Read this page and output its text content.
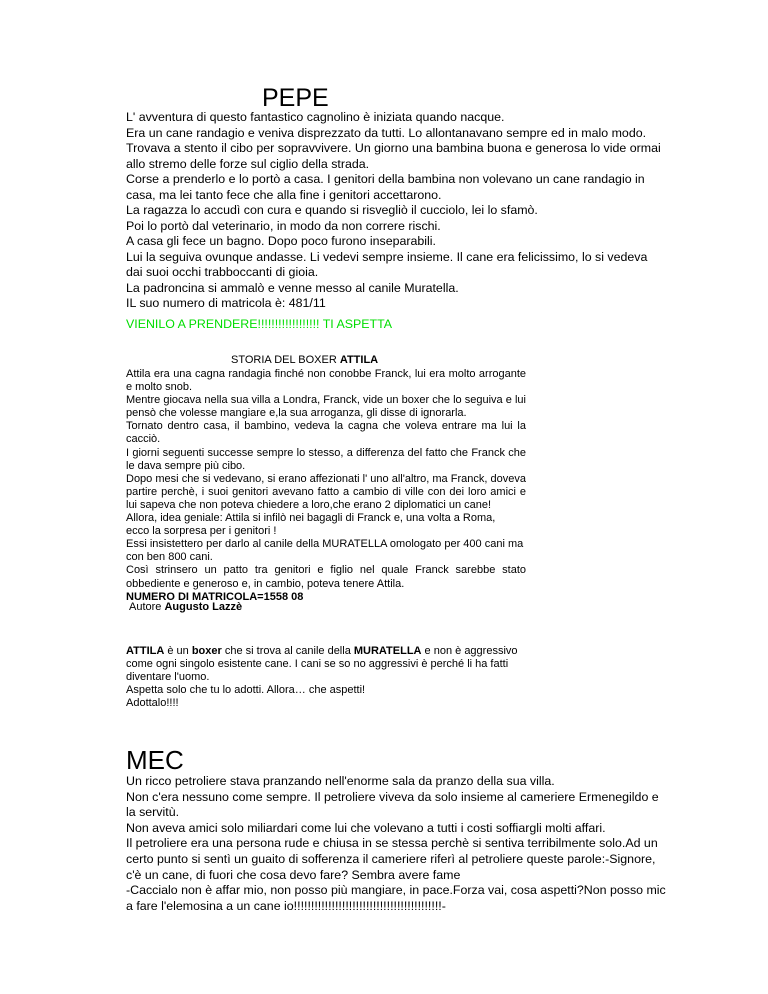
PEPE

L' avventura di questo fantastico cagnolino è iniziata quando nacque.

Era un cane randagio e veniva disprezzato da tutti. Lo allontanavano sempre ed in malo modo. Trovava a stento il cibo per sopravvivere. Un giorno una bambina buona e generosa lo vide ormai allo stremo delle forze sul ciglio della strada.

Corse a prenderlo e lo portò a casa. I genitori della bambina non volevano un cane randagio in casa, ma lei tanto fece che alla fine i genitori accettarono.

La ragazza lo accudì con cura e quando si risvegliò il cucciolo, lei lo sfamò.

Poi lo portò dal veterinario, in modo da non correre rischi.

A casa gli fece un bagno. Dopo poco furono inseparabili.

Lui la seguiva ovunque andasse. Li vedevi sempre insieme. Il cane era felicissimo, lo si vedeva dai suoi occhi trabboccanti di gioia.

La padroncina si ammalò e venne messo al canile Muratella.

IL suo numero di matricola è: 481/11

VIENILO A PRENDERE!!!!!!!!!!!!!!!!!! TI ASPETTA
STORIA DEL BOXER ATTILA

Attila era una cagna randagia finché non conobbe Franck, lui era molto arrogante e molto snob.

Mentre giocava nella sua villa a Londra, Franck, vide un boxer che lo seguiva e lui pensò che volesse mangiare e,la sua arroganza, gli disse di ignorarla.

Tornato dentro casa, il bambino, vedeva la cagna che voleva entrare ma lui la cacciò.

I giorni seguenti successe sempre lo stesso, a differenza del fatto che Franck che le dava sempre più cibo.

Dopo mesi che si vedevano, si erano affezionati l' uno all'altro, ma Franck, doveva partire perchè, i suoi genitori avevano fatto a cambio di ville con dei loro amici e lui sapeva che non poteva chiedere a loro,che erano 2 diplomatici un cane!

Allora, idea geniale: Attila si infilò nei bagagli di Franck e, una volta a Roma,

ecco la sorpresa per i genitori !

Essi insistettero per darlo al canile della MURATELLA omologato per 400 cani ma con ben 800 cani.

Così strinsero un patto tra genitori e figlio nel quale Franck sarebbe stato obbediente e generoso e, in cambio, poteva tenere Attila.

NUMERO DI MATRICOLA=1558 08

Autore Augusto Lazzè

ATTILA è un boxer che si trova al canile della MURATELLA e non è aggressivo come ogni singolo esistente cane. I cani se so no aggressivi è perché li ha fatti diventare l'uomo.

Aspetta solo che tu lo adotti. Allora… che aspetti!

Adottalo!!!!

MEC

Un ricco petroliere stava pranzando nell'enorme sala da pranzo della sua villa.

Non c'era nessuno come sempre. Il petroliere viveva da solo insieme al cameriere Ermenegildo e la servitù.

Non aveva amici solo miliardari come lui che volevano a tutti i costi soffiargli molti affari.

Il petroliere era una persona rude e chiusa in se stessa perchè si sentiva terribilmente solo.Ad un certo punto si sentì un guaito di sofferenza il cameriere riferì al petroliere queste parole:-Signore, c'è un cane, di fuori che cosa devo fare? Sembra avere fame

-Caccialo non è affar mio, non posso più mangiare, in pace.Forza vai, cosa aspetti?Non posso mica fare l'elemosina a un cane io!!!!!!!!!!!!!!!!!!!!!!!!!!!!!!!!!!!!!!!!!!!-
